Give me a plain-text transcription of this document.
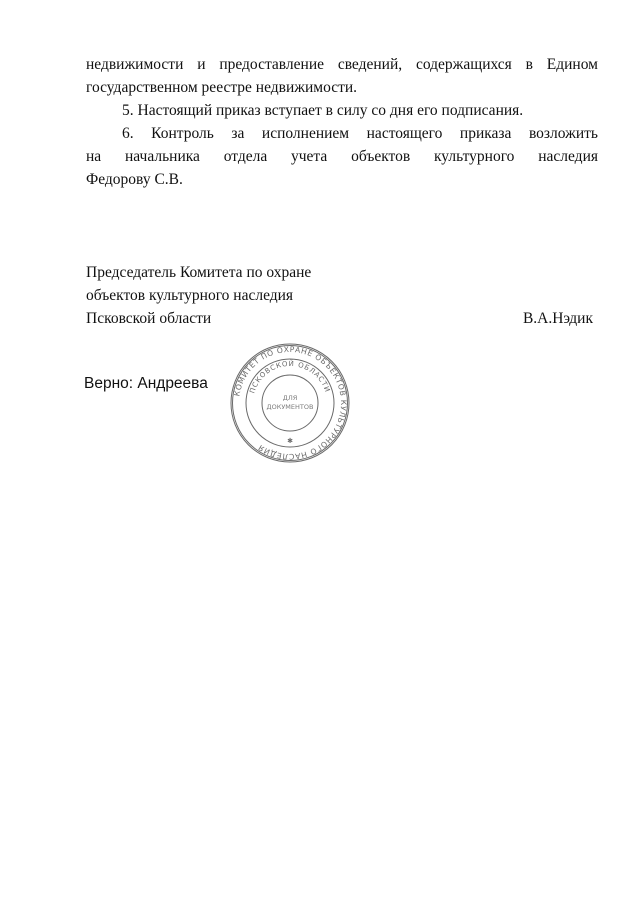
недвижимости и предоставление сведений, содержащихся в Едином

государственном реестре недвижимости.

5. Настоящий приказ вступает в силу со дня его подписания.

6. Контроль за исполнением настоящего приказа возложить

на начальника отдела учета объектов культурного наследия

Федорову С.В.
Председатель Комитета по охране
объектов культурного наследия
Псковской области	В.А.Нэдик
Верно: Андреева
КОМИТЕТ ПО ОХРАНЕ ОБЪЕКТОВ КУЛЬТУРНОГО НАСЛЕДИЯ
ПСКОВСКОЙ ОБЛАСТИ
ДЛЯ
ДОКУМЕНТОВ
✱
